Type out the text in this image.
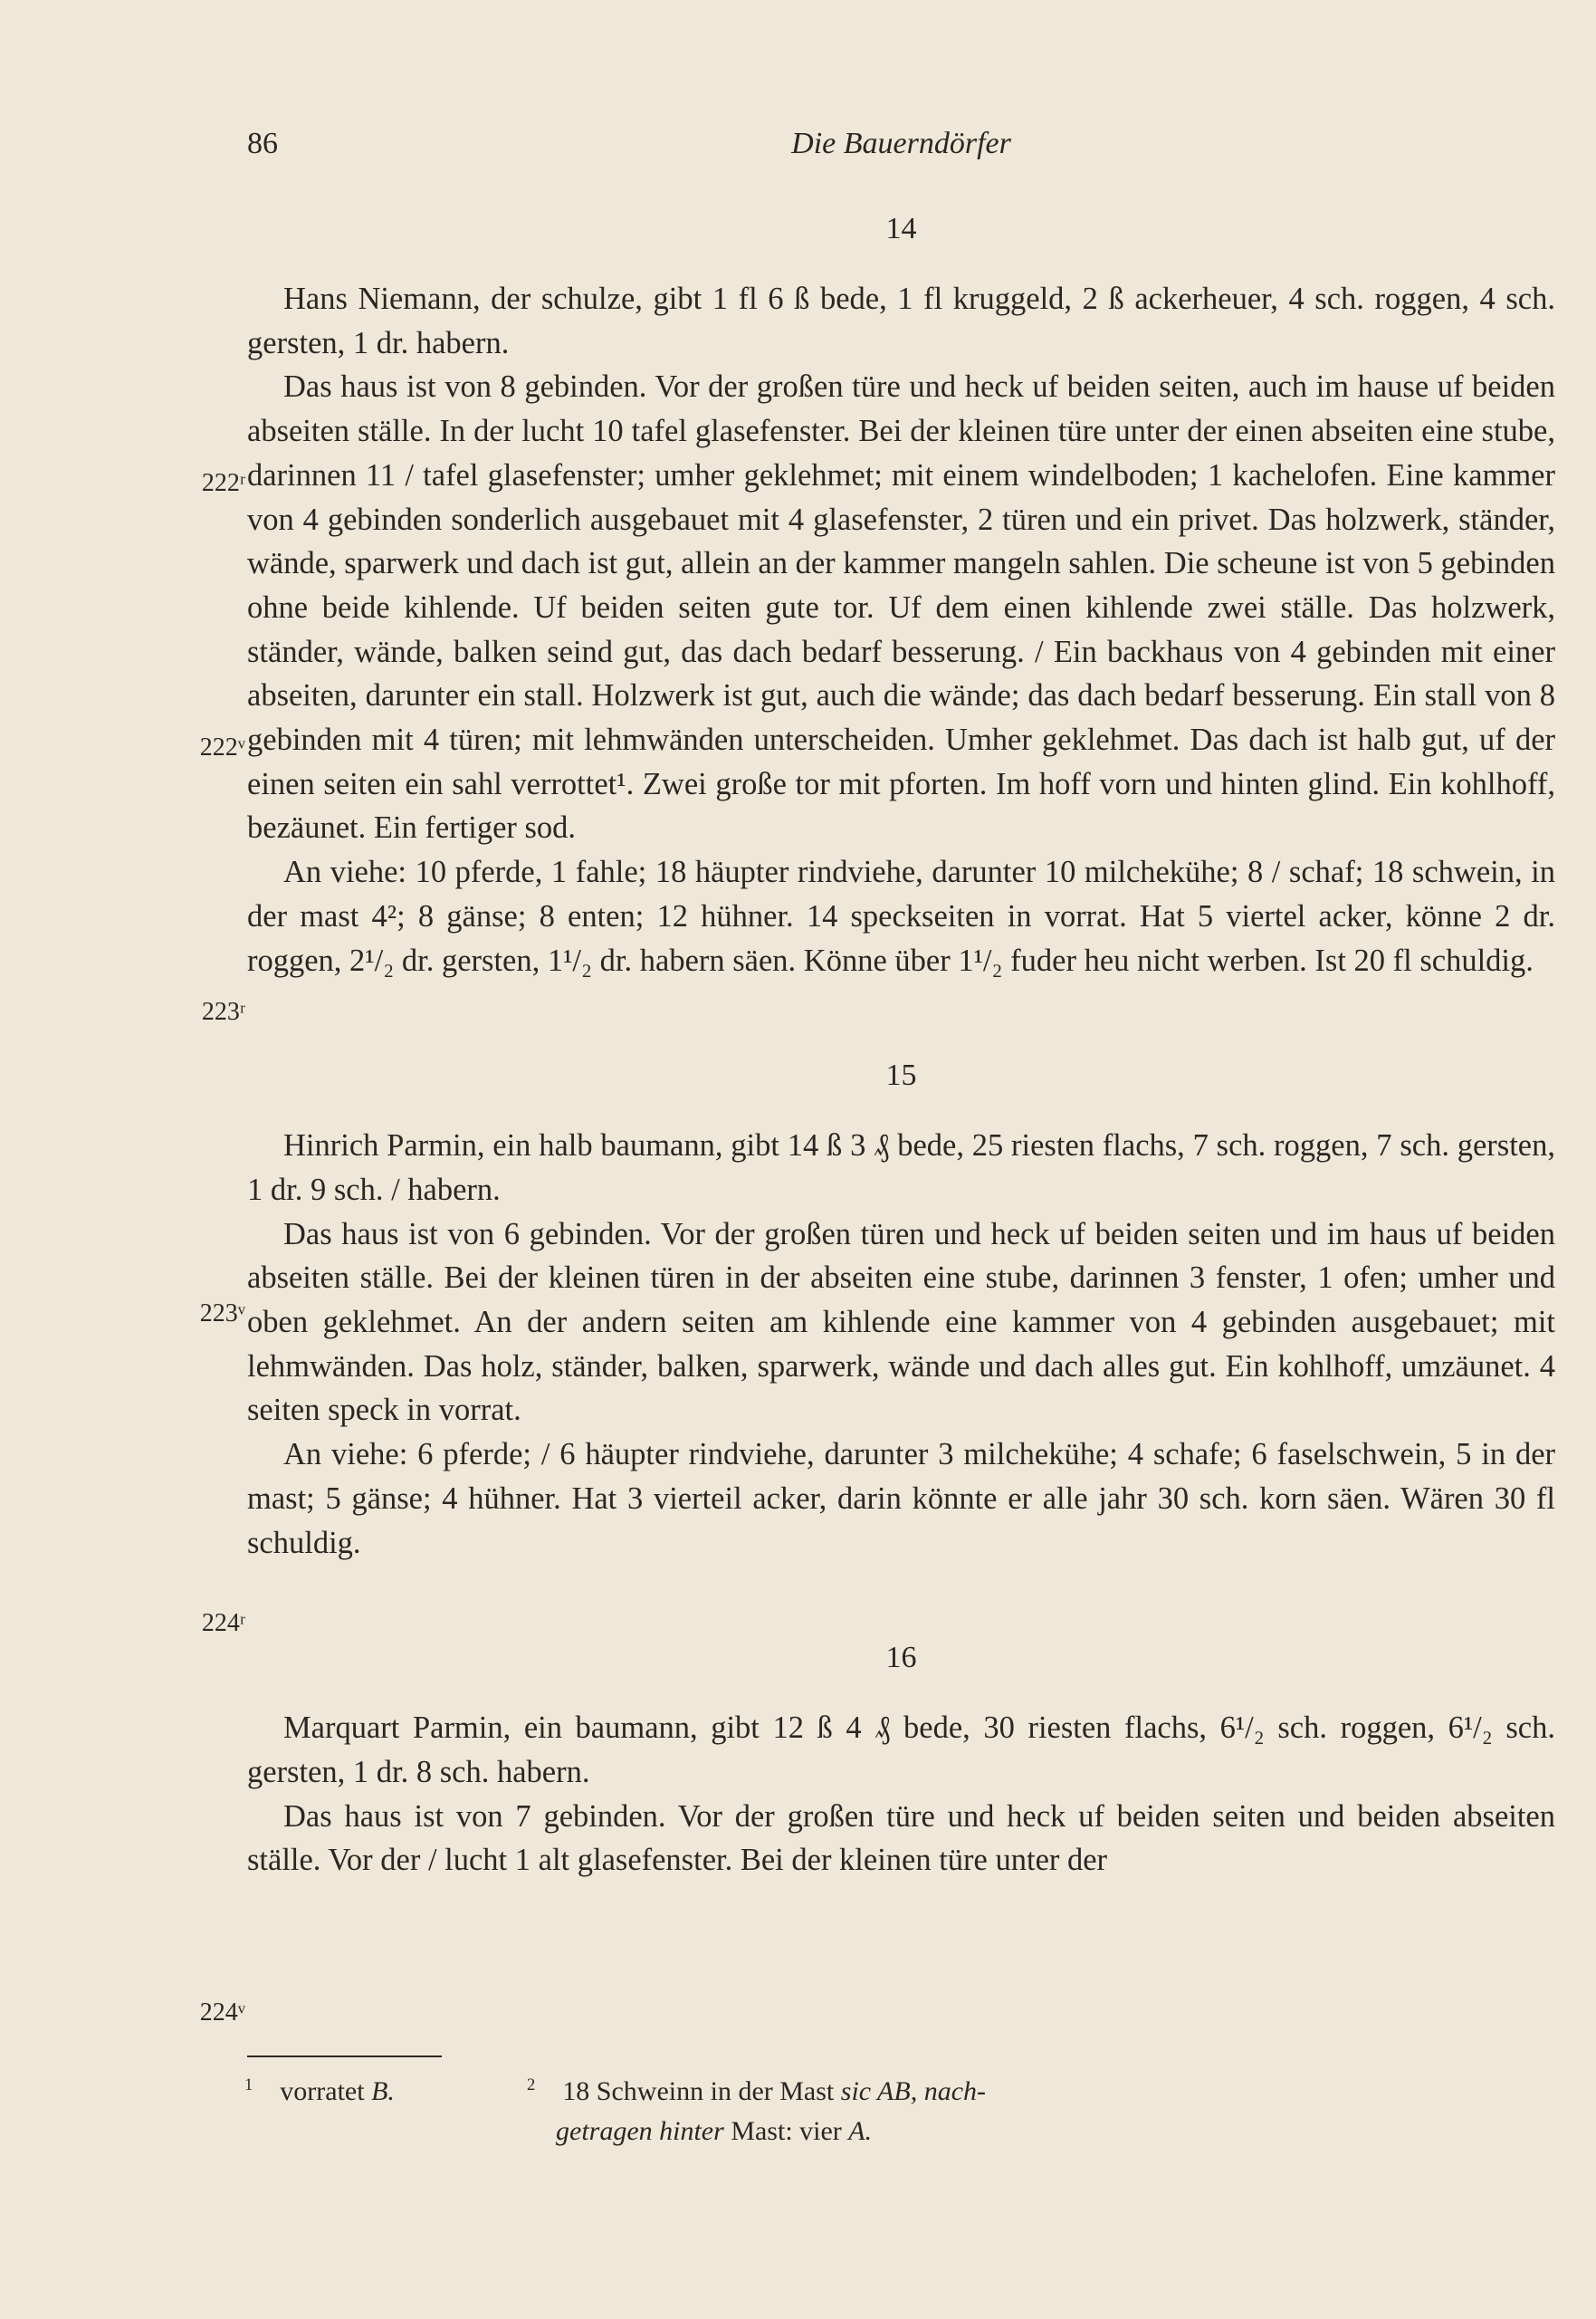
86	Die Bauerndörfer
14

Hans Niemann, der schulze, gibt 1 fl 6 ß bede, 1 fl kruggeld, 2 ß ackerheuer, 4 sch. roggen, 4 sch. gersten, 1 dr. habern.

Das haus ist von 8 gebinden. Vor der großen türe und heck uf beiden seiten, auch im hause uf beiden abseiten ställe. In der lucht 10 tafel glasefenster. Bei der kleinen türe unter der einen abseiten eine stube, darinnen 11 / tafel glasefenster; umher geklehmet; mit einem windelboden; 1 kachelofen. Eine kammer von 4 gebinden sonderlich ausgebauet mit 4 glasefenster, 2 türen und ein privet. Das holzwerk, ständer, wände, sparwerk und dach ist gut, allein an der kammer mangeln sahlen. Die scheune ist von 5 gebinden ohne beide kihlende. Uf beiden seiten gute tor. Uf dem einen kihlende zwei ställe. Das holzwerk, ständer, wände, balken seind gut, das dach bedarf besserung. / Ein backhaus von 4 gebinden mit einer abseiten, darunter ein stall. Holzwerk ist gut, auch die wände; das dach bedarf besserung. Ein stall von 8 gebinden mit 4 türen; mit lehmwänden unterscheiden. Umher geklehmet. Das dach ist halb gut, uf der einen seiten ein sahl verrottet¹. Zwei große tor mit pforten. Im hoff vorn und hinten glind. Ein kohlhoff, bezäunet. Ein fertiger sod.

An viehe: 10 pferde, 1 fahle; 18 häupter rindviehe, darunter 10 milchekühe; 8 / schaf; 18 schwein, in der mast 4²; 8 gänse; 8 enten; 12 hühner. 14 speckseiten in vorrat. Hat 5 viertel acker, könne 2 dr. roggen, 2¹/₂ dr. gersten, 1¹/₂ dr. habern säen. Könne über 1¹/₂ fuder heu nicht werben. Ist 20 fl schuldig.

15

Hinrich Parmin, ein halb baumann, gibt 14 ß 3 ₰ bede, 25 riesten flachs, 7 sch. roggen, 7 sch. gersten, 1 dr. 9 sch. / habern.

Das haus ist von 6 gebinden. Vor der großen türen und heck uf beiden seiten und im haus uf beiden abseiten ställe. Bei der kleinen türen in der abseiten eine stube, darinnen 3 fenster, 1 ofen; umher und oben geklehmet. An der andern seiten am kihlende eine kammer von 4 gebinden ausgebauet; mit lehmwänden. Das holz, ständer, balken, sparwerk, wände und dach alles gut. Ein kohlhoff, umzäunet. 4 seiten speck in vorrat.

An viehe: 6 pferde; / 6 häupter rindviehe, darunter 3 milchekühe; 4 schafe; 6 faselschwein, 5 in der mast; 5 gänse; 4 hühner. Hat 3 vierteil acker, darin könnte er alle jahr 30 sch. korn säen. Wären 30 fl schuldig.

16

Marquart Parmin, ein baumann, gibt 12 ß 4 ₰ bede, 30 riesten flachs, 6¹/₂ sch. roggen, 6¹/₂ sch. gersten, 1 dr. 8 sch. habern.

Das haus ist von 7 gebinden. Vor der großen türe und heck uf beiden seiten und beiden abseiten ställe. Vor der / lucht 1 alt glasefenster. Bei der kleinen türe unter der

222ʳ
222ᵛ
223ʳ
223ᵛ
224ʳ
224ᵛ
$^1$ vorratet B.	$^2$ 18 Schweinn in der Mast sic AB, nach-
getragen hinter Mast: vier A.
